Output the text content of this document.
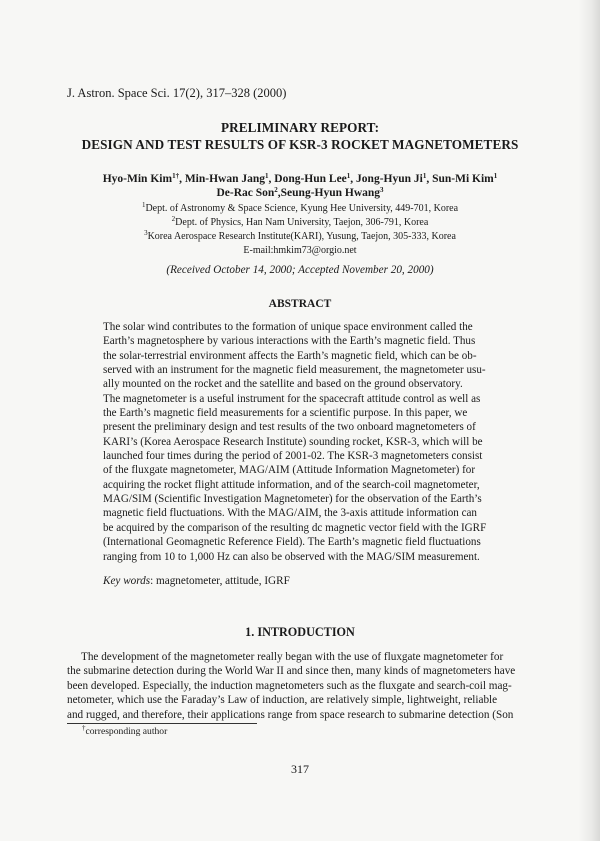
J. Astron. Space Sci. 17(2), 317–328 (2000)
PRELIMINARY REPORT:
DESIGN AND TEST RESULTS OF KSR-3 ROCKET MAGNETOMETERS
Hyo-Min Kim$^{1\dagger}$, Min-Hwan Jang$^1$, Dong-Hun Lee$^1$, Jong-Hyun Ji$^1$, Sun-Mi Kim$^1$
De-Rac Son$^2$,Seung-Hyun Hwang$^3$
$^1$Dept. of Astronomy & Space Science, Kyung Hee University, 449-701, Korea
$^2$Dept. of Physics, Han Nam University, Taejon, 306-791, Korea
$^3$Korea Aerospace Research Institute(KARI), Yusung, Taejon, 305-333, Korea
E-mail:hmkim73@orgio.net
(Received October 14, 2000; Accepted November 20, 2000)
ABSTRACT
The solar wind contributes to the formation of unique space environment called the
Earth’s magnetosphere by various interactions with the Earth’s magnetic field. Thus
the solar-terrestrial environment affects the Earth’s magnetic field, which can be ob-
served with an instrument for the magnetic field measurement, the magnetometer usu-
ally mounted on the rocket and the satellite and based on the ground observatory.
The magnetometer is a useful instrument for the spacecraft attitude control as well as
the Earth’s magnetic field measurements for a scientific purpose. In this paper, we
present the preliminary design and test results of the two onboard magnetometers of
KARI’s (Korea Aerospace Research Institute) sounding rocket, KSR-3, which will be
launched four times during the period of 2001-02. The KSR-3 magnetometers consist
of the fluxgate magnetometer, MAG/AIM (Attitude Information Magnetometer) for
acquiring the rocket flight attitude information, and of the search-coil magnetometer,
MAG/SIM (Scientific Investigation Magnetometer) for the observation of the Earth’s
magnetic field fluctuations. With the MAG/AIM, the 3-axis attitude information can
be acquired by the comparison of the resulting dc magnetic vector field with the IGRF
(International Geomagnetic Reference Field). The Earth’s magnetic field fluctuations
ranging from 10 to 1,000 Hz can also be observed with the MAG/SIM measurement.
Key words: magnetometer, attitude, IGRF
1. INTRODUCTION
The development of the magnetometer really began with the use of fluxgate magnetometer for
the submarine detection during the World War II and since then, many kinds of magnetometers have
been developed. Especially, the induction magnetometers such as the fluxgate and search-coil mag-
netometer, which use the Faraday’s Law of induction, are relatively simple, lightweight, reliable
and rugged, and therefore, their applications range from space research to submarine detection (Son
†corresponding author
317
